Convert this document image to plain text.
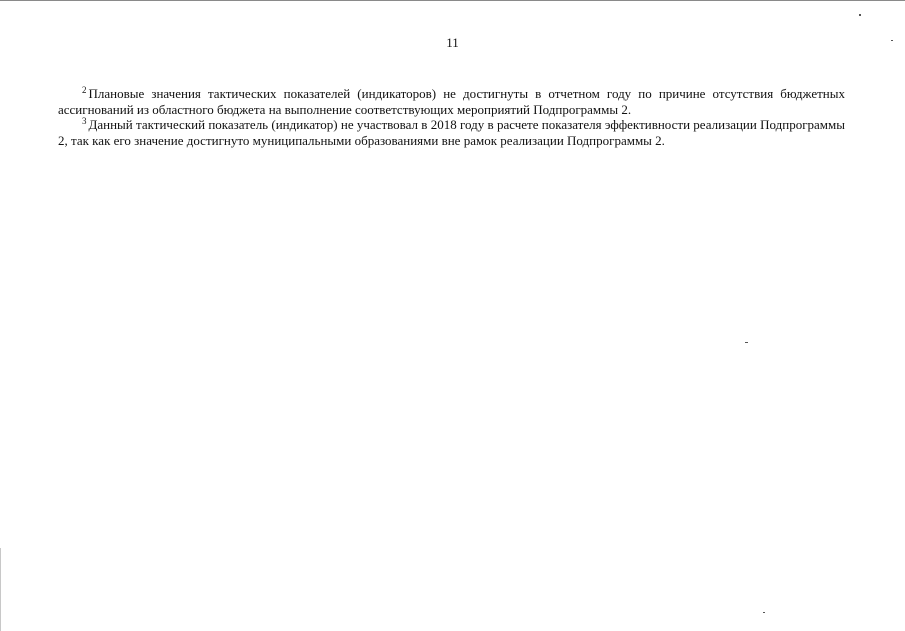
11

$^2$ Плановые значения тактических показателей (индикаторов) не достигнуты в отчетном году по причине отсутствия бюджетных ассигнований из областного бюджета на выполнение соответствующих мероприятий Подпрограммы 2.

$^3$ Данный тактический показатель (индикатор) не участвовал в 2018 году в расчете показателя эффективности реализации Подпрограммы 2, так как его значение достигнуто муниципальными образованиями вне рамок реализации Подпрограммы 2.
